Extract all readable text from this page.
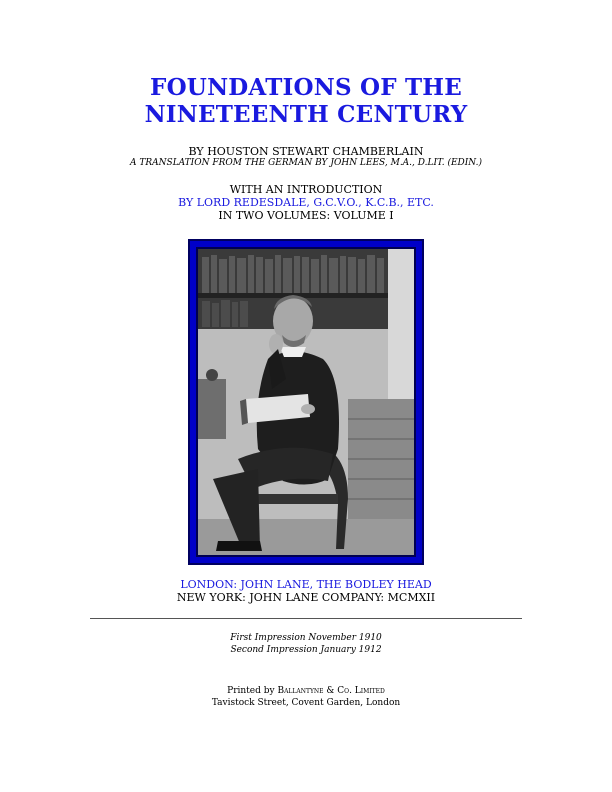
FOUNDATIONS OF THE
NINETEENTH CENTURY
BY HOUSTON STEWART CHAMBERLAIN
A TRANSLATION FROM THE GERMAN BY JOHN LEES, M.A., D.LIT. (EDIN.)
WITH AN INTRODUCTION
BY LORD REDESDALE, G.C.V.O., K.C.B., ETC.
IN TWO VOLUMES: VOLUME I
LONDON: JOHN LANE, THE BODLEY HEAD
NEW YORK: JOHN LANE COMPANY: MCMXII
First Impression November 1910
Second Impression January 1912
Printed by Ballantyne & Co. Limited
Tavistock Street, Covent Garden, London
